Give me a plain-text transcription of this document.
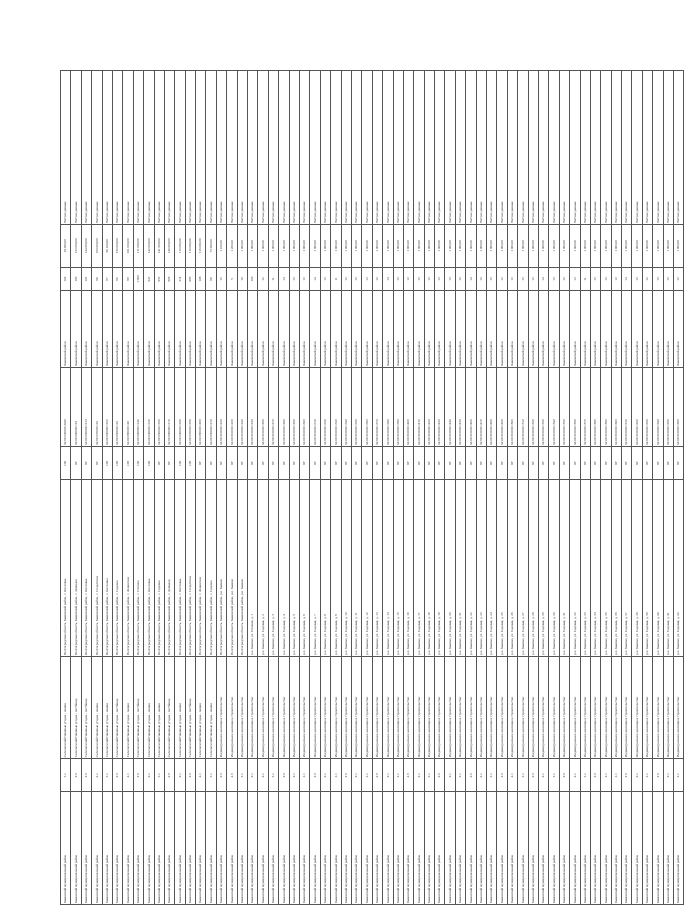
Быковский муниципальный район	3.1	Сельскохозяйственные угодья - пашни	Волгоградская область, Быковский район, с. Кисловка	ОП	34:02:040003:2040	Быковский район	102	18 000,00	Ветхие данные
Быковский муниципальный район	4.5	Сельскохозяйственные угодья - пастбища	Волгоградская область, Быковский район, х. Демидов	ЗУ	34:02:000000:122	Быковский район	185	123 000,00	Ветхие данные
Быковский муниципальный район	4.5	Сельскохозяйственные угодья - пастбища	Волгоградская область, Быковский район, с. Кисловка	ЗУ	34:02:050004:1212	Быковский район	101	144 000,00	Ветхие данные
Быковский муниципальный район	4.1	Сельскохозяйственные угодья - пашни	Волгоградская область, Быковский район, с. Солдатское	ЗУ	34:02:070003:110	Быковский район	98	100 000,00	Ветхие данные
Быковский муниципальный район	3.1	Сельскохозяйственные угодья - пашни	Волгоградская область, Быковский район, х. Кисловка	ОП	34:02:000000:1102	Быковский район	97	96 100,00	Ветхие данные
Быковский муниципальный район	4.5	Сельскохозяйственные угодья - пастбища	Волгоградская область, Быковский район, с. Садовое	ОП	34:02:050002:110	Быковский район	96	150 000,00	Ветхие данные
Быковский муниципальный район	4.1	Сельскохозяйственные угодья - пашни	Волгоградская область, Быковский район, с. Ленинское	ОП	34:02:090003:120	Быковский район	99	101 000,00	Ветхие данные
Быковский муниципальный район	4.5	Сельскохозяйственные угодья - пастбища	Волгоградская область, Быковский район, с. Степное	ОП	34:02:000000:1140	Быковский район	1 000	111 000,00	Ветхие данные
Быковский муниципальный район	4.1	Сельскохозяйственные угодья - пашни	Волгоградская область, Быковский район, с. Кисловка	ОП	34:02:040003:1150	Быковский район	947	142 000,00	Ветхие данные
Быковский муниципальный район	3.1	Сельскохозяйственные угодья - пашни	Волгоградская область, Быковский район, с. Садовое	ЗУ	34:02:050002:1160	Быковский район	951	141 600,00	Ветхие данные
Быковский муниципальный район	4.5	Сельскохозяйственные угодья - пастбища	Волгоградская область, Быковский район, с. Демидов	ЗУ	34:02:000000:1170	Быковский район	905	140 000,00	Ветхие данные
Быковский муниципальный район	4.1	Сельскохозяйственные угодья - пашни	Волгоградская область, Быковский район, с. Кисловка	ОП	34:02:040003:1180	Быковский район	374	115 000,00	Ветхие данные
Быковский муниципальный район	4.5	Сельскохозяйственные угодья - пастбища	Волгоградская область, Быковский район, с. Солдатское	ОП	34:02:070003:1190	Быковский район	985	116 000,00	Ветхие данные
Быковский муниципальный район	4.1	Сельскохозяйственные угодья - пашни	Волгоградская область, Быковский район, с. Ленинское	ЗУ	34:02:090003:1200	Быковский район	108	116 000,00	Ветхие данные
Быковский муниципальный район	3.1	Сельскохозяйственные угодья - пашни	Волгоградская область, Быковский район, с. Садовое	ЗУ	34:02:050002:1210	Быковский район	98	75 000,00	Ветхие данные
Быковский муниципальный район	4.5	Индивидуальное жилищное строительство	Волгоградская область, Быковский район, р.п. Быково	ЗУ	34:02:010002:1220	Быковский район	15	1 100,00	Ветхие данные
Быковский муниципальный район	4.5	Индивидуальное жилищное строительство	Волгоградская область, Быковский район, р.п. Быково	ЗУ	34:02:010002:1230	Быковский район	5	1 200,00	Ветхие данные
Быковский муниципальный район	2.1	Индивидуальное жилищное строительство	Волгоградская область, Быковский район, р.п. Быково	ЗУ	34:02:010002:1240	Быковский район	10	1 000,00	Ветхие данные
Быковский муниципальный район	4.1	Индивидуальное жилищное строительство	р.п. Быково, ул. Степная, д. 1	ЗУ	34:02:010002:1250	Быковский район	105	1 000,00	Ветхие данные
Быковский муниципальный район	4.1	Индивидуальное жилищное строительство	р.п. Быково, ул. Садовая, д. 2	ЗУ	34:02:010002:1260	Быковский район	12	1 000,00	Ветхие данные
Быковский муниципальный район	2.1	Индивидуальное жилищное строительство	р.п. Быково, ул. Садовая, д. 3	ЗУ	34:02:010002:1270	Быковский район	11	1 000,00	Ветхие данные
Быковский муниципальный район	4.5	Индивидуальное жилищное строительство	р.п. Быково, ул. Садовая, д. 4	ЗУ	34:02:010002:1280	Быковский район	14	1 000,00	Ветхие данные
Быковский муниципальный район	4.1	Индивидуальное жилищное строительство	р.п. Быково, ул. Садовая, д. 5	ЗУ	34:02:010002:1290	Быковский район	13	1 000,00	Ветхие данные
Быковский муниципальный район	2.1	Индивидуальное жилищное строительство	р.п. Быково, ул. Садовая, д. 6	ЗУ	34:02:010002:1300	Быковский район	13	1 000,00	Ветхие данные
Быковский муниципальный район	4.5	Индивидуальное жилищное строительство	р.п. Быково, ул. Садовая, д. 7	ЗУ	34:02:010002:1310	Быковский район	14	1 000,00	Ветхие данные
Быковский муниципальный район	4.1	Индивидуальное жилищное строительство	р.п. Быково, ул. Садовая, д. 8	ЗУ	34:02:010002:1320	Быковский район	13	1 000,00	Ветхие данные
Быковский муниципальный район	2.1	Индивидуальное жилищное строительство	р.п. Быково, ул. Садовая, д. 9	ЗУ	34:02:010002:1330	Быковский район	11	1 000,00	Ветхие данные
Быковский муниципальный район	4.5	Индивидуальное жилищное строительство	р.п. Быково, ул. Садовая, д. 10	ЗУ	34:02:010002:1340	Быковский район	12	1 000,00	Ветхие данные
Быковский муниципальный район	4.1	Индивидуальное жилищное строительство	р.п. Быково, ул. Садовая, д. 11	ЗУ	34:02:010002:1350	Быковский район	13	1 000,00	Ветхие данные
Быковский муниципальный район	2.1	Индивидуальное жилищное строительство	р.п. Быково, ул. Садовая, д. 12	ЗУ	34:02:010002:1360	Быковский район	13	1 000,00	Ветхие данные
Быковский муниципальный район	4.5	Индивидуальное жилищное строительство	р.п. Быково, ул. Садовая, д. 13	ЗУ	34:02:010002:1370	Быковский район	12	1 000,00	Ветхие данные
Быковский муниципальный район	4.1	Индивидуальное жилищное строительство	р.п. Быково, ул. Садовая, д. 14	ЗУ	34:02:010002:1380	Быковский район	14	1 000,00	Ветхие данные
Быковский муниципальный район	2.1	Индивидуальное жилищное строительство	р.п. Быково, ул. Садовая, д. 15	ЗУ	34:02:010002:1390	Быковский район	13	1 000,00	Ветхие данные
Быковский муниципальный район	4.5	Индивидуальное жилищное строительство	р.п. Быково, ул. Садовая, д. 16	ЗУ	34:02:010002:1400	Быковский район	12	1 000,00	Ветхие данные
Быковский муниципальный район	4.1	Индивидуальное жилищное строительство	р.п. Быково, ул. Садовая, д. 17	ЗУ	34:02:010002:1410	Быковский район	13	1 000,00	Ветхие данные
Быковский муниципальный район	2.1	Индивидуальное жилищное строительство	р.п. Быково, ул. Садовая, д. 18	ЗУ	34:02:010002:1420	Быковский район	12	1 000,00	Ветхие данные
Быковский муниципальный район	4.5	Индивидуальное жилищное строительство	р.п. Быково, ул. Садовая, д. 19	ЗУ	34:02:010002:1430	Быковский район	13	1 000,00	Ветхие данные
Быковский муниципальный район	4.1	Индивидуальное жилищное строительство	р.п. Быково, ул. Садовая, д. 20	ЗУ	34:02:010002:1440	Быковский район	13	1 000,00	Ветхие данные
Быковский муниципальный район	2.1	Индивидуальное жилищное строительство	р.п. Быково, ул. Садовая, д. 21	ЗУ	34:02:010002:1450	Быковский район	12	1 000,00	Ветхие данные
Быковский муниципальный район	4.5	Индивидуальное жилищное строительство	р.п. Быково, ул. Садовая, д. 22	ЗУ	34:02:010002:1460	Быковский район	14	1 000,00	Ветхие данные
Быковский муниципальный район	4.1	Индивидуальное жилищное строительство	р.п. Быково, ул. Садовая, д. 23	ЗУ	34:02:010002:1470	Быковский район	13	1 000,00	Ветхие данные
Быковский муниципальный район	2.1	Индивидуальное жилищное строительство	р.п. Быково, ул. Садовая, д. 24	ЗУ	34:02:010002:1480	Быковский район	13	1 000,00	Ветхие данные
Быковский муниципальный район	4.5	Индивидуальное жилищное строительство	р.п. Быково, ул. Садовая, д. 25	ЗУ	34:02:010002:1490	Быковский район	12	1 000,00	Ветхие данные
Быковский муниципальный район	4.1	Индивидуальное жилищное строительство	р.п. Быково, ул. Садовая, д. 26	ЗУ	34:02:010002:1500	Быковский район	13	1 000,00	Ветхие данные
Быковский муниципальный район	2.1	Индивидуальное жилищное строительство	р.п. Быково, ул. Садовая, д. 27	ЗУ	34:02:010002:1510	Быковский район	13	1 000,00	Ветхие данные
Быковский муниципальный район	4.5	Индивидуальное жилищное строительство	р.п. Быково, ул. Садовая, д. 28	ЗУ	34:02:010002:1520	Быковский район	12	1 000,00	Ветхие данные
Быковский муниципальный район	4.1	Индивидуальное жилищное строительство	р.п. Быково, ул. Садовая, д. 29	ЗУ	34:02:010002:1530	Быковский район	14	1 000,00	Ветхие данные
Быковский муниципальный район	2.1	Индивидуальное жилищное строительство	р.п. Быково, ул. Садовая, д. 30	ЗУ	34:02:010002:1540	Быковский район	13	1 000,00	Ветхие данные
Быковский муниципальный район	4.5	Индивидуальное жилищное строительство	р.п. Быково, ул. Садовая, д. 31	ЗУ	34:02:010002:1550	Быковский район	12	1 000,00	Ветхие данные
Быковский муниципальный район	4.1	Индивидуальное жилищное строительство	р.п. Быково, ул. Садовая, д. 32	ЗУ	34:02:010002:1560	Быковский район	13	1 000,00	Ветхие данные
Быковский муниципальный район	2.1	Индивидуальное жилищное строительство	р.п. Быково, ул. Садовая, д. 33	ЗУ	34:02:010002:1570	Быковский район	11	1 000,00	Ветхие данные
Быковский муниципальный район	4.5	Индивидуальное жилищное строительство	р.п. Быково, ул. Садовая, д. 34	ЗУ	34:02:010002:1580	Быковский район	13	1 000,00	Ветхие данные
Быковский муниципальный район	4.1	Индивидуальное жилищное строительство	р.п. Быково, ул. Садовая, д. 35	ЗУ	34:02:010002:1590	Быковский район	13	1 000,00	Ветхие данные
Быковский муниципальный район	2.1	Индивидуальное жилищное строительство	р.п. Быково, ул. Садовая, д. 36	ЗУ	34:02:010002:1600	Быковский район	12	1 000,00	Ветхие данные
Быковский муниципальный район	4.5	Индивидуальное жилищное строительство	р.п. Быково, ул. Садовая, д. 37	ЗУ	34:02:010002:1610	Быковский район	14	1 000,00	Ветхие данные
Быковский муниципальный район	4.1	Индивидуальное жилищное строительство	р.п. Быково, ул. Садовая, д. 38	ЗУ	34:02:010002:1620	Быковский район	13	1 000,00	Ветхие данные
Быковский муниципальный район	2.1	Индивидуальное жилищное строительство	р.п. Быково, ул. Садовая, д. 39	ЗУ	34:02:010002:1630	Быковский район	12	1 000,00	Ветхие данные
Быковский муниципальный район	4.5	Индивидуальное жилищное строительство	р.п. Быково, ул. Садовая, д. 40	ЗУ	34:02:010002:1640	Быковский район	13	1 000,00	Ветхие данные
Быковский муниципальный район	4.1	Индивидуальное жилищное строительство	р.п. Быково, ул. Садовая, д. 41	ЗУ	34:02:010002:1650	Быковский район	13	1 000,00	Ветхие данные
Быковский муниципальный район	2.1	Индивидуальное жилищное строительство	р.п. Быково, ул. Садовая, д. 42	ЗУ	34:02:010002:1660	Быковский район	12	1 000,00	Ветхие данные
